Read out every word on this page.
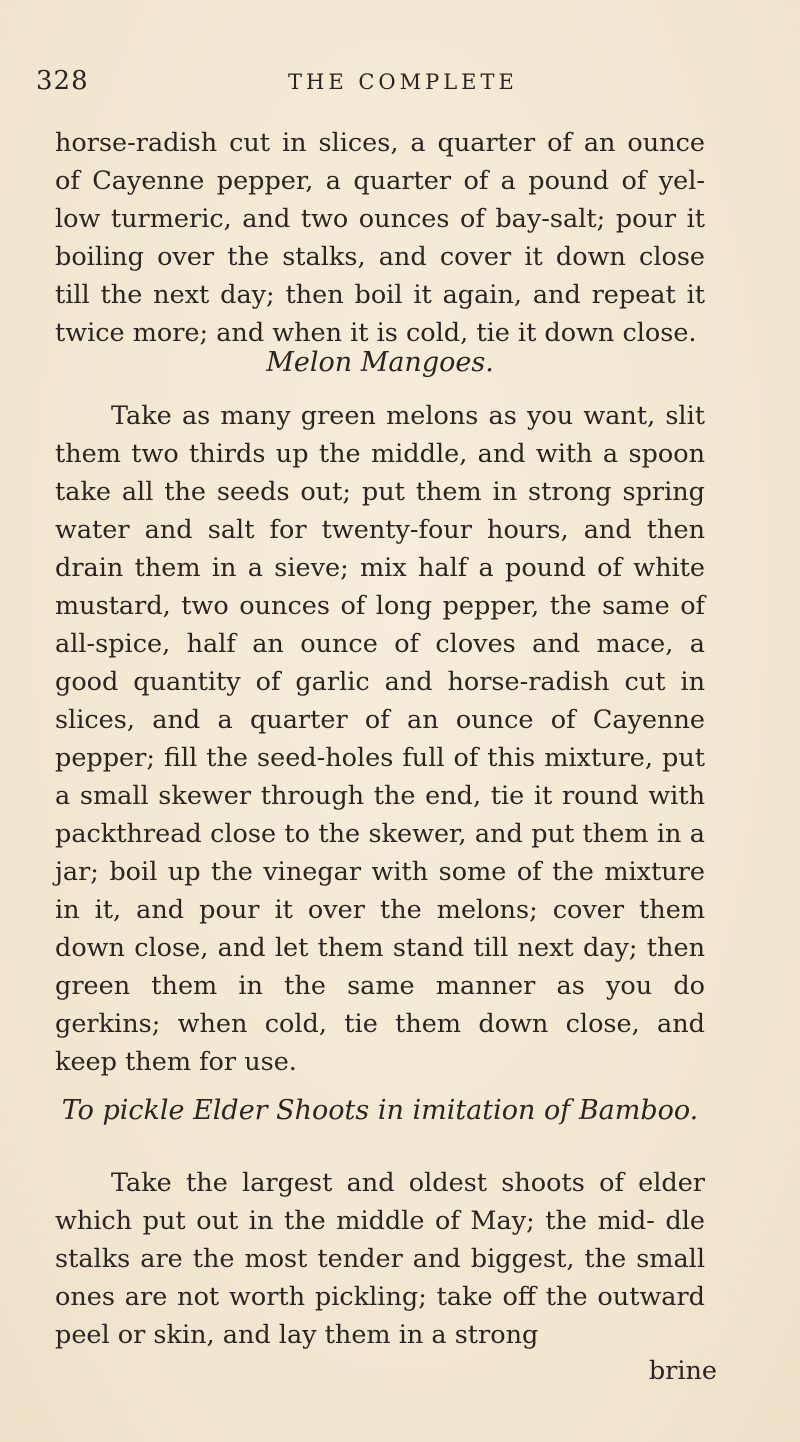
328	THE COMPLETE

horse-radish cut in slices, a quarter of an ounce of Cayenne pepper, a quarter of a pound of yel- low turmeric, and two ounces of bay-salt; pour it boiling over the stalks, and cover it down close till the next day; then boil it again, and repeat it twice more; and when it is cold, tie it down close.

Melon Mangoes.

Take as many green melons as you want, slit them two thirds up the middle, and with a spoon take all the seeds out; put them in strong spring water and salt for twenty-four hours, and then drain them in a sieve; mix half a pound of white mustard, two ounces of long pepper, the same of all-spice, half an ounce of cloves and mace, a good quantity of garlic and horse-radish cut in slices, and a quarter of an ounce of Cayenne pepper; fill the seed-holes full of this mixture, put a small skewer through the end, tie it round with packthread close to the skewer, and put them in a jar; boil up the vinegar with some of the mixture in it, and pour it over the melons; cover them down close, and let them stand till next day; then green them in the same manner as you do gerkins; when cold, tie them down close, and keep them for use.

To pickle Elder Shoots in imitation of Bamboo.

Take the largest and oldest shoots of elder which put out in the middle of May; the mid- dle stalks are the most tender and biggest, the small ones are not worth pickling; take off the outward peel or skin, and lay them in a strong

brine
